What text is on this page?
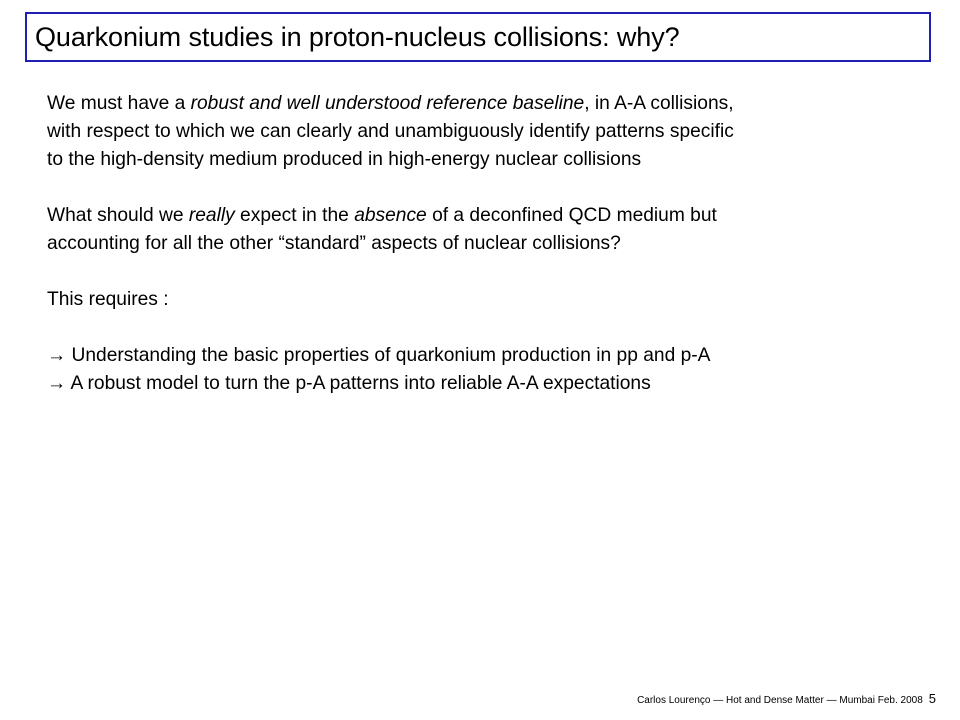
Quarkonium studies in proton-nucleus collisions: why?

We must have a robust and well understood reference baseline, in A-A collisions,

with respect to which we can clearly and unambiguously identify patterns specific

to the high-density medium produced in high-energy nuclear collisions

What should we really expect in the absence of a deconfined QCD medium but

accounting for all the other “standard” aspects of nuclear collisions?

This requires :

→ Understanding the basic properties of quarkonium production in pp and p-A

→ A robust model to turn the p-A patterns into reliable A-A expectations

Carlos Lourenço — Hot and Dense Matter — Mumbai Feb. 2008 5
